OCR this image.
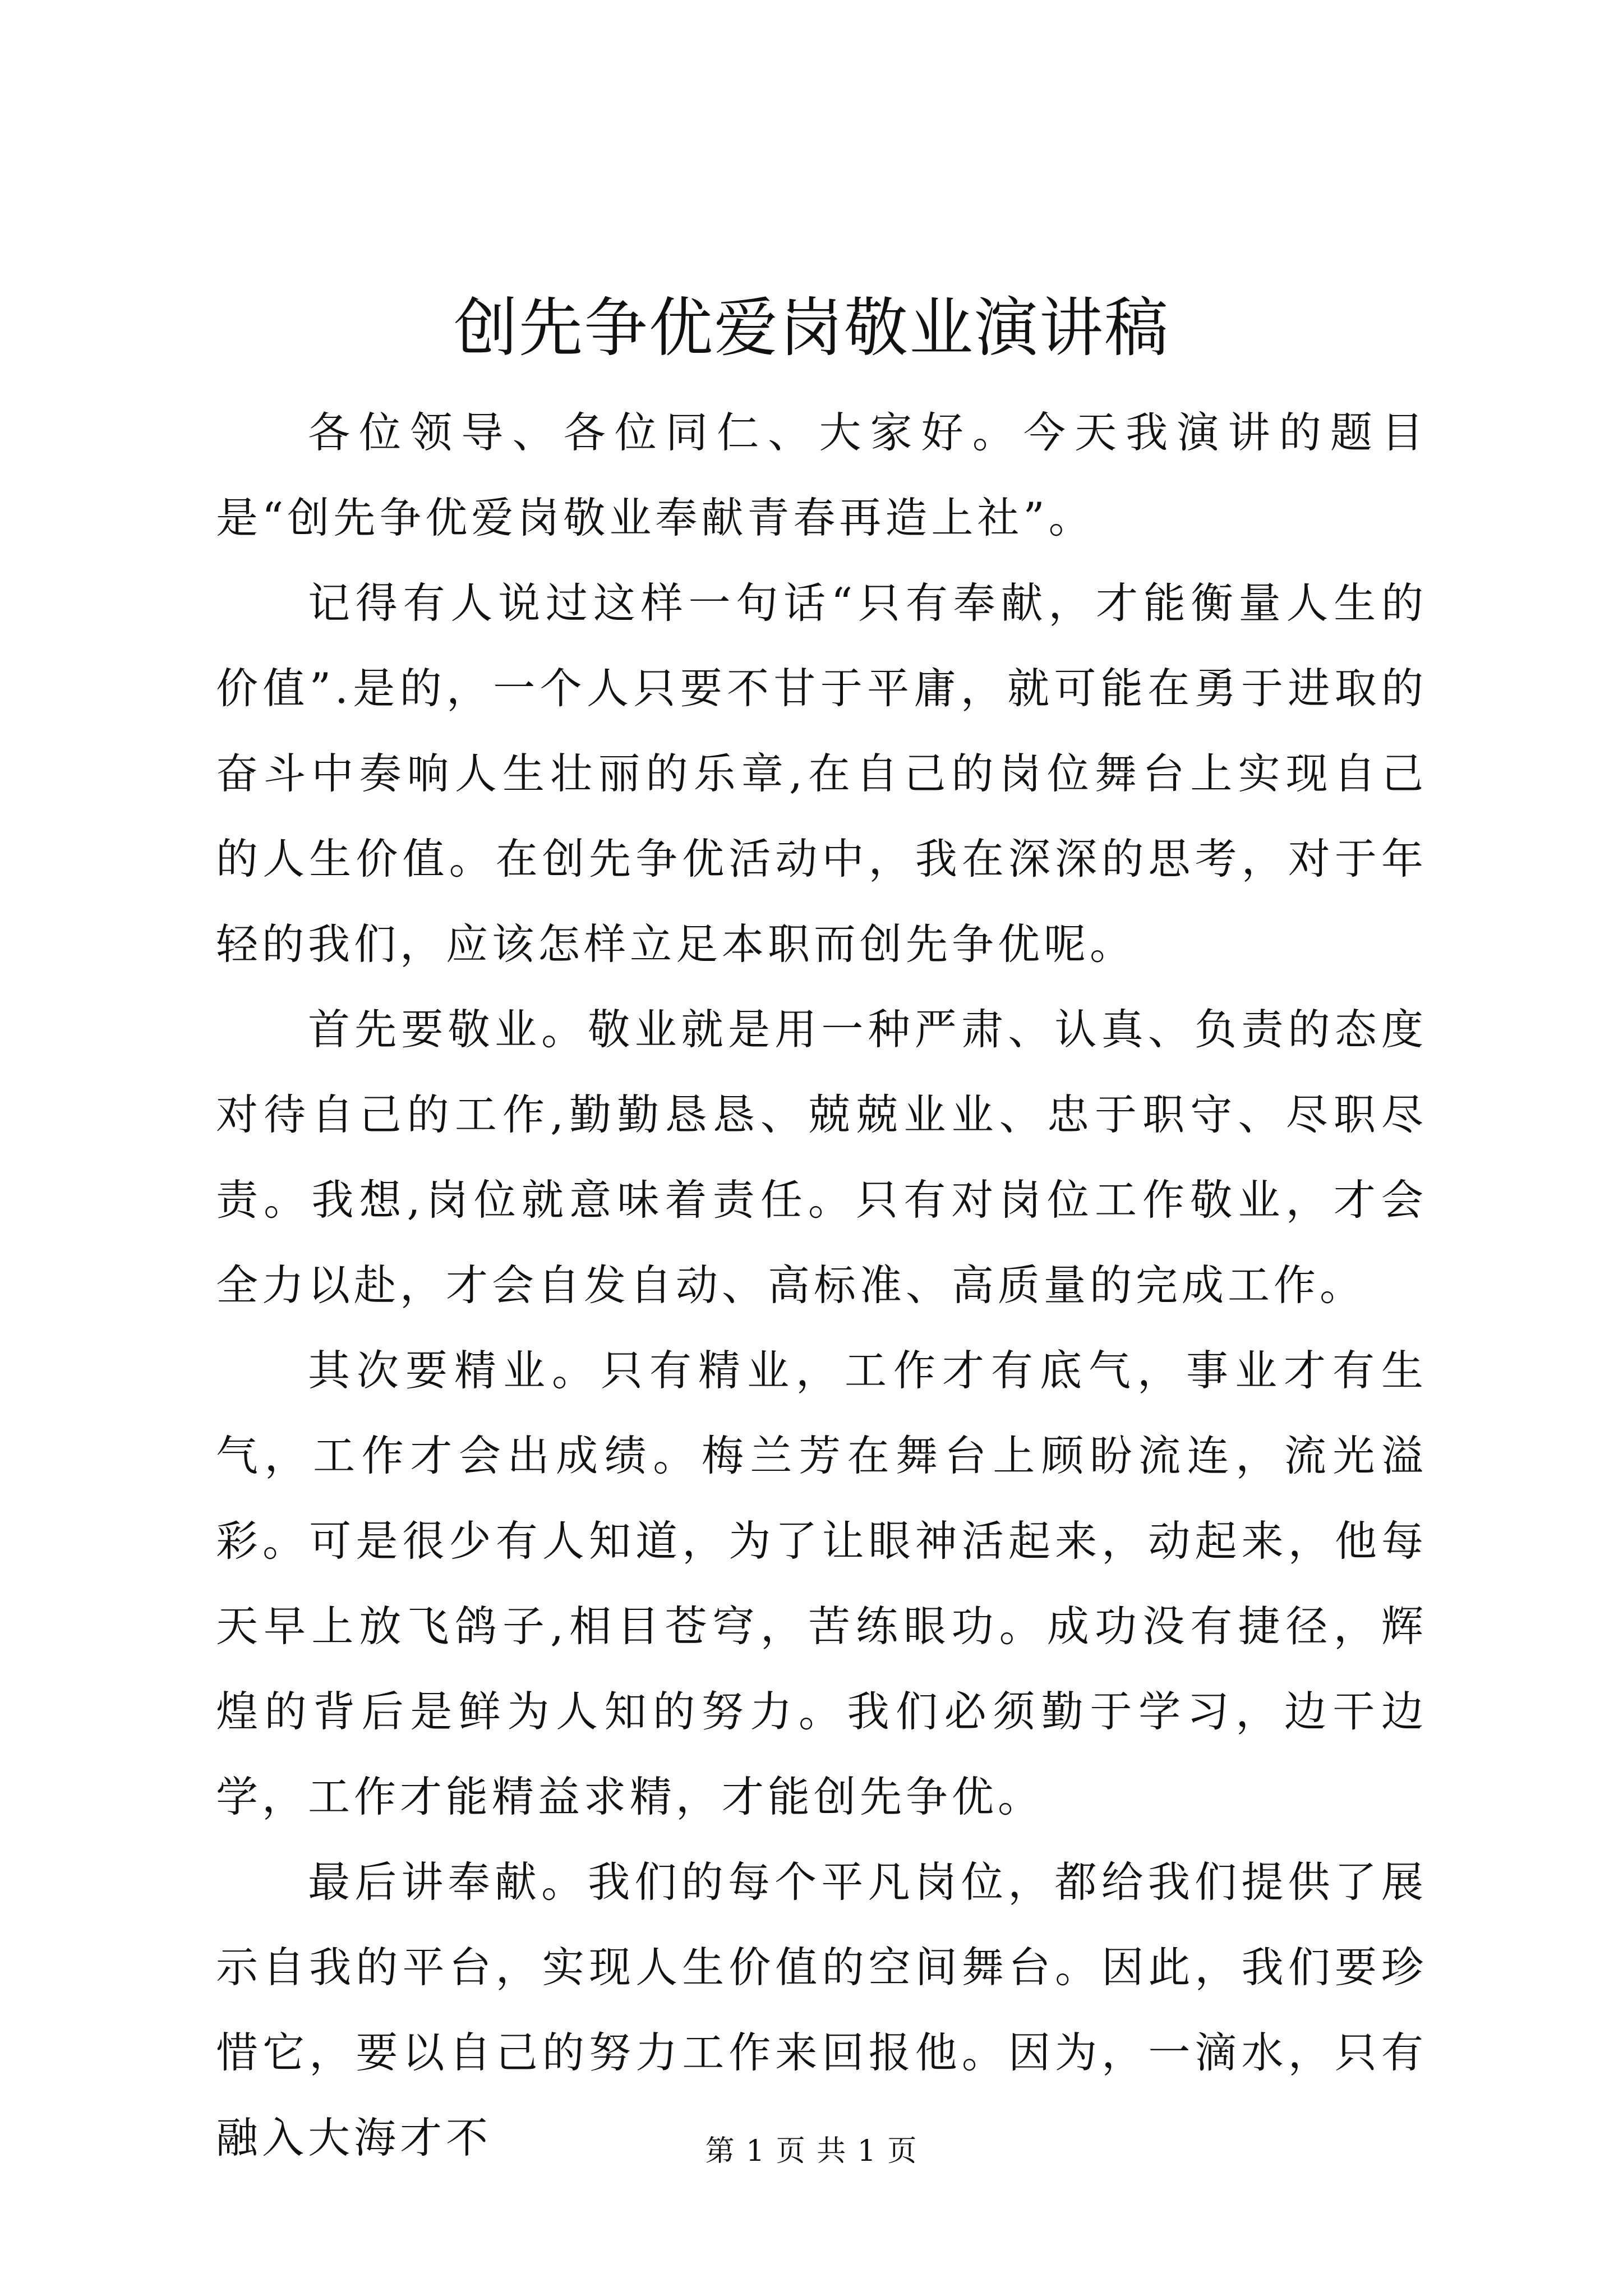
创先争优爱岗敬业演讲稿

各位领导、各位同仁、大家好。今天我演讲的题目是“创先争优爱岗敬业奉献青春再造上社”。

记得有人说过这样一句话“只有奉献，才能衡量人生的价值”.是的，一个人只要不甘于平庸，就可能在勇于进取的奋斗中奏响人生壮丽的乐章,在自己的岗位舞台上实现自己的人生价值。在创先争优活动中，我在深深的思考，对于年轻的我们，应该怎样立足本职而创先争优呢。

首先要敬业。敬业就是用一种严肃、认真、负责的态度对待自己的工作,勤勤恳恳、兢兢业业、忠于职守、尽职尽责。我想,岗位就意味着责任。只有对岗位工作敬业，才会全力以赴，才会自发自动、高标准、高质量的完成工作。

其次要精业。只有精业，工作才有底气，事业才有生气，工作才会出成绩。梅兰芳在舞台上顾盼流连，流光溢彩。可是很少有人知道，为了让眼神活起来，动起来，他每天早上放飞鸽子,相目苍穹，苦练眼功。成功没有捷径，辉煌的背后是鲜为人知的努力。我们必须勤于学习，边干边学，工作才能精益求精，才能创先争优。

最后讲奉献。我们的每个平凡岗位，都给我们提供了展示自我的平台，实现人生价值的空间舞台。因此，我们要珍惜它，要以自己的努力工作来回报他。因为，一滴水，只有融入大海才不	第 1 页 共 1 页
